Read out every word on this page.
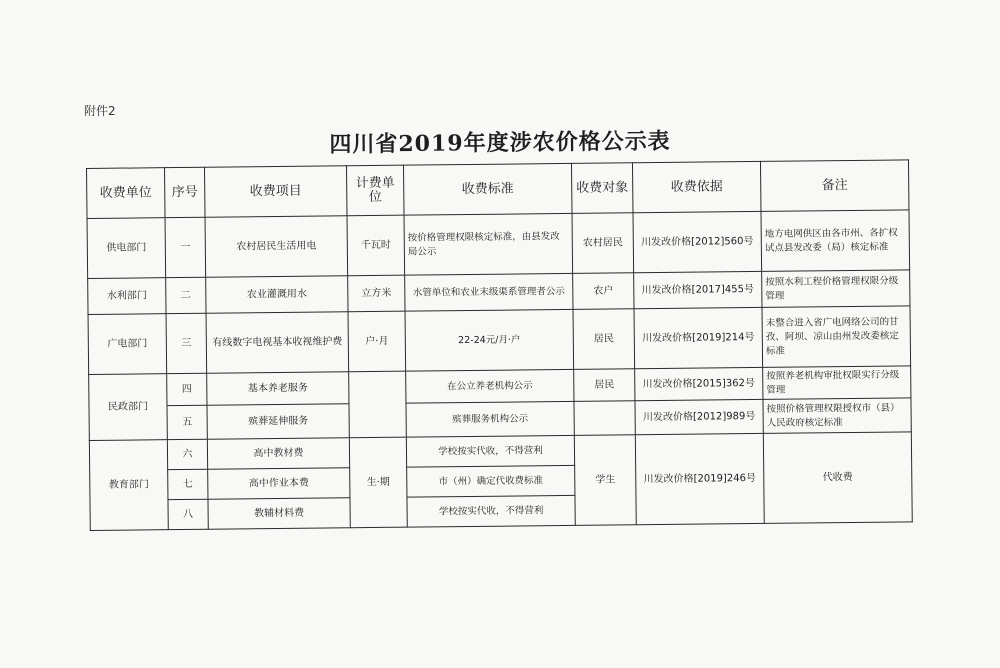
附件2
四川省2019年度涉农价格公示表
收费单位	序号	收费项目	计费单位	收费标准	收费对象	收费依据	备注
供电部门	一	农村居民生活用电	千瓦时	按价格管理权限核定标准，由县发改局公示	农村居民	川发改价格[2012]560号	地方电网供区由各市州、各扩权试点县发改委（局）核定标准
水利部门	二	农业灌溉用水	立方米	水管单位和农业末级渠系管理者公示	农户	川发改价格[2017]455号	按照水利工程价格管理权限分级管理
广电部门	三	有线数字电视基本收视维护费	户·月	22-24元/月·户	居民	川发改价格[2019]214号	未整合进入省广电网络公司的甘孜、阿坝、凉山由州发改委核定标准
民政部门	四	基本养老服务		在公立养老机构公示	居民	川发改价格[2015]362号	按照养老机构审批权限实行分级管理
	五	殡葬延伸服务		殡葬服务机构公示		川发改价格[2012]989号	按照价格管理权限授权市（县）人民政府核定标准
教育部门	六	高中教材费	生·期	学校按实代收，不得营利	学生	川发改价格[2019]246号	代收费
	七	高中作业本费		市（州）确定代收费标准			
	八	教辅材料费		学校按实代收，不得营利			
